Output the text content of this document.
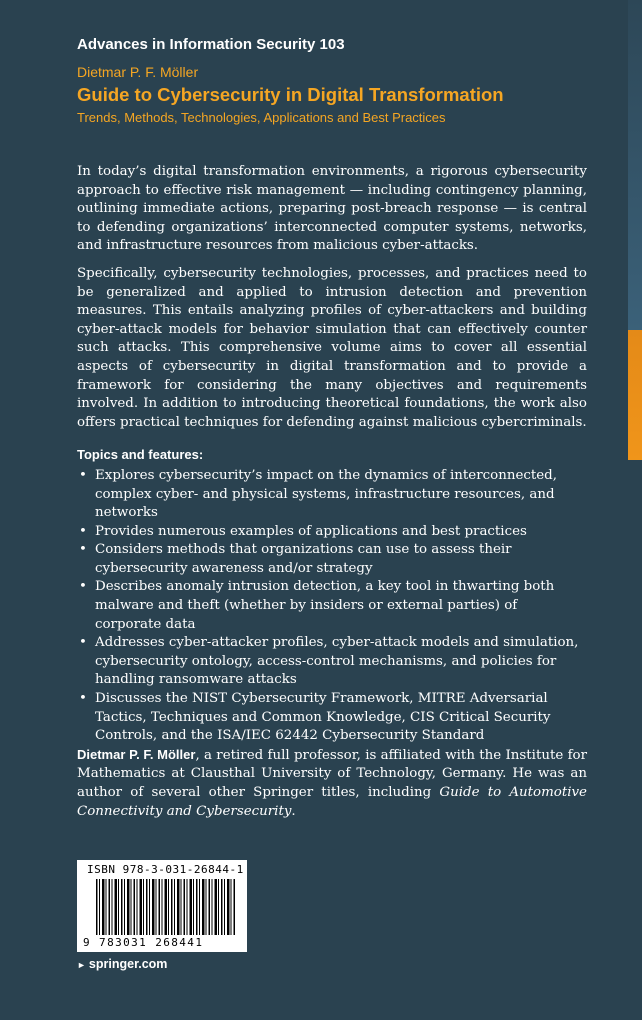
Advances in Information Security 103
Dietmar P. F. Möller
Guide to Cybersecurity in Digital Transformation
Trends, Methods, Technologies, Applications and Best Practices

In today’s digital transformation environments, a rigorous cybersecurity approach to effective risk management — including contingency planning, outlining immediate actions, preparing post-breach response — is central to defending organizations’ interconnected computer systems, networks, and infrastructure resources from malicious cyber-attacks.

Specifically, cybersecurity technologies, processes, and practices need to be generalized and applied to intrusion detection and prevention measures. This entails analyzing profiles of cyber-attackers and building cyber-attack models for behavior simulation that can effectively counter such attacks. This comprehensive volume aims to cover all essential aspects of cybersecurity in digital transformation and to provide a framework for considering the many objectives and requirements involved. In addition to introducing theoretical foundations, the work also offers practical techniques for defending against malicious cybercriminals.

Topics and features:
• Explores cybersecurity’s impact on the dynamics of interconnected, complex cyber- and physical systems, infrastructure resources, and networks
• Provides numerous examples of applications and best practices
• Considers methods that organizations can use to assess their cybersecurity awareness and/or strategy
• Describes anomaly intrusion detection, a key tool in thwarting both malware and theft (whether by insiders or external parties) of corporate data
• Addresses cyber-attacker profiles, cyber-attack models and simulation, cybersecurity ontology, access-control mechanisms, and policies for handling ransomware attacks
• Discusses the NIST Cybersecurity Framework, MITRE Adversarial Tactics, Techniques and Common Knowledge, CIS Critical Security Controls, and the ISA/IEC 62442 Cybersecurity Standard

Dietmar P. F. Möller, a retired full professor, is affiliated with the Institute for Mathematics at Clausthal University of Technology, Germany. He was an author of several other Springer titles, including Guide to Automotive Connectivity and Cybersecurity.

ISBN 978-3-031-26844-1
9 783031 268441
► springer.com
